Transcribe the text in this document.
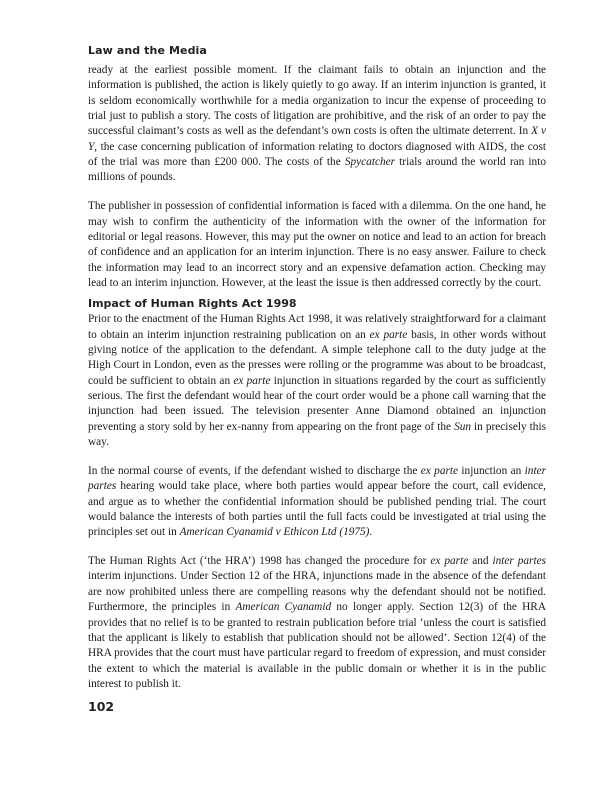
Law and the Media

ready at the earliest possible moment. If the claimant fails to obtain an injunction and the information is published, the action is likely quietly to go away. If an interim injunction is granted, it is seldom economically worthwhile for a media organization to incur the expense of proceeding to trial just to publish a story. The costs of litigation are prohibitive, and the risk of an order to pay the successful claimant’s costs as well as the defendant’s own costs is often the ultimate deterrent. In X v Y, the case concerning publication of information relating to doctors diagnosed with AIDS, the cost of the trial was more than £200 000. The costs of the Spycatcher trials around the world ran into millions of pounds.

The publisher in possession of confidential information is faced with a dilemma. On the one hand, he may wish to confirm the authenticity of the information with the owner of the information for editorial or legal reasons. However, this may put the owner on notice and lead to an action for breach of confidence and an application for an interim injunction. There is no easy answer. Failure to check the information may lead to an incorrect story and an expensive defamation action. Checking may lead to an interim injunction. However, at the least the issue is then addressed correctly by the court.

Impact of Human Rights Act 1998

Prior to the enactment of the Human Rights Act 1998, it was relatively straightforward for a claimant to obtain an interim injunction restraining publication on an ex parte basis, in other words without giving notice of the application to the defendant. A simple telephone call to the duty judge at the High Court in London, even as the presses were rolling or the programme was about to be broadcast, could be sufficient to obtain an ex parte injunction in situations regarded by the court as sufficiently serious. The first the defendant would hear of the court order would be a phone call warning that the injunction had been issued. The television presenter Anne Diamond obtained an injunction preventing a story sold by her ex-nanny from appearing on the front page of the Sun in precisely this way.

In the normal course of events, if the defendant wished to discharge the ex parte injunction an inter partes hearing would take place, where both parties would appear before the court, call evidence, and argue as to whether the confidential information should be published pending trial. The court would balance the interests of both parties until the full facts could be investigated at trial using the principles set out in American Cyanamid v Ethicon Ltd (1975).

The Human Rights Act (‘the HRA’) 1998 has changed the procedure for ex parte and inter partes interim injunctions. Under Section 12 of the HRA, injunctions made in the absence of the defendant are now prohibited unless there are compelling reasons why the defendant should not be notified. Furthermore, the principles in American Cyanamid no longer apply. Section 12(3) of the HRA provides that no relief is to be granted to restrain publication before trial ‘unless the court is satisfied that the applicant is likely to establish that publication should not be allowed’. Section 12(4) of the HRA provides that the court must have particular regard to freedom of expression, and must consider the extent to which the material is available in the public domain or whether it is in the public interest to publish it.

102
